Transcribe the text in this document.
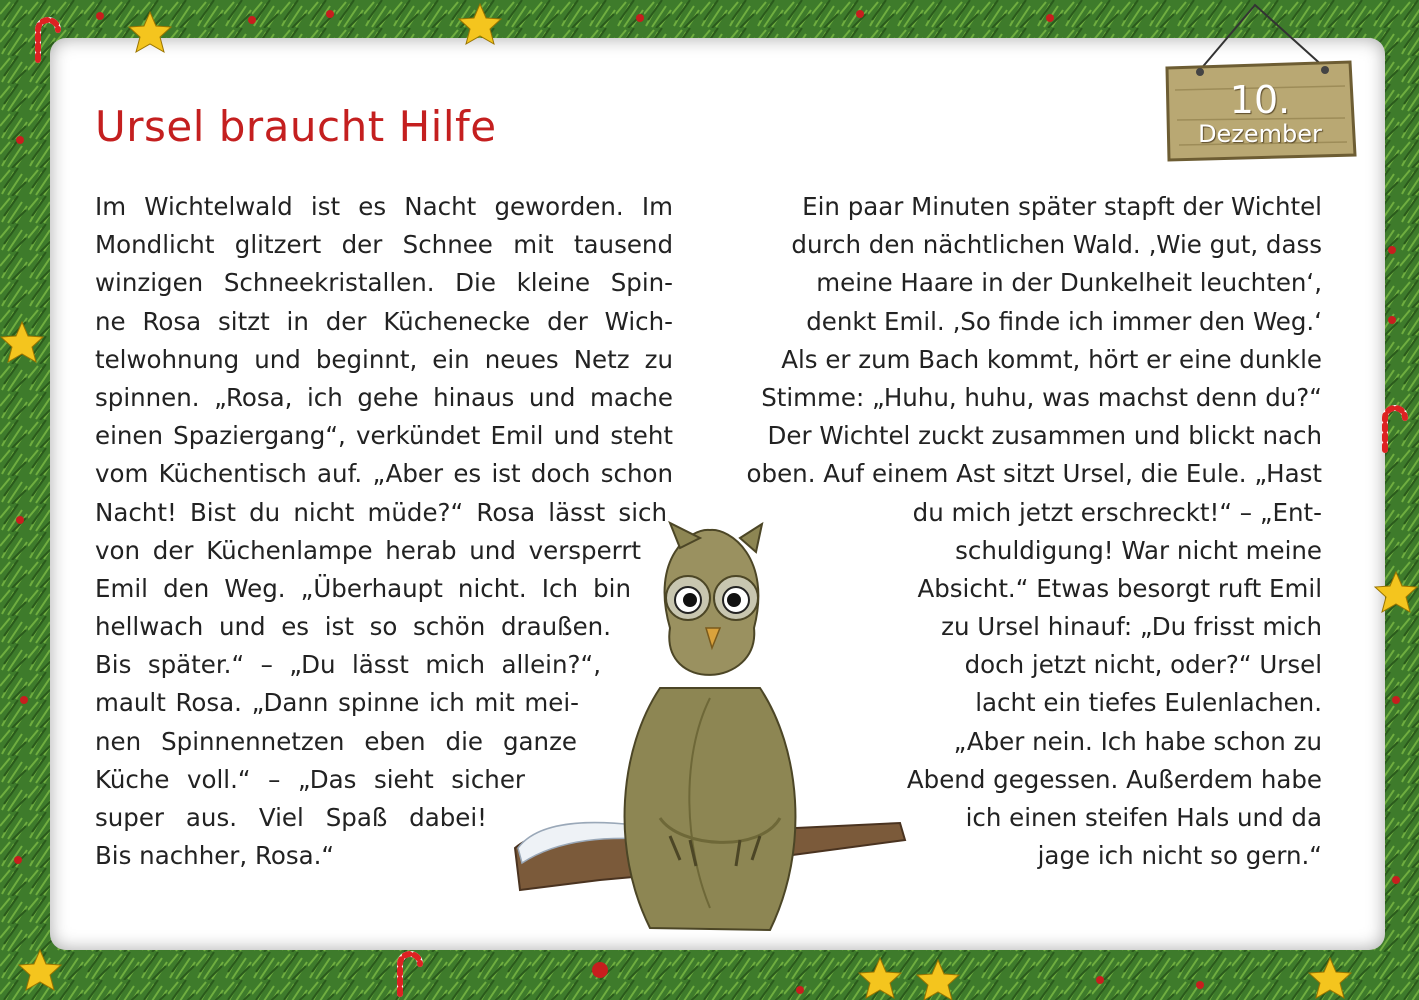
10.
Dezember
Ursel braucht Hilfe
Im Wichtelwald ist es Nacht geworden. Im
Mondlicht glitzert der Schnee mit tausend
winzigen Schneekristallen. Die kleine Spin-
ne Rosa sitzt in der Küchenecke der Wich-
telwohnung und beginnt, ein neues Netz zu
spinnen. „Rosa, ich gehe hinaus und mache
einen Spaziergang“, verkündet Emil und steht
vom Küchentisch auf. „Aber es ist doch schon
Nacht! Bist du nicht müde?“ Rosa lässt sich
von der Küchenlampe herab und versperrt
Emil den Weg. „Überhaupt nicht. Ich bin
hellwach und es ist so schön draußen.
Bis später.“ – „Du lässt mich allein?“,
mault Rosa. „Dann spinne ich mit mei-
nen Spinnennetzen eben die ganze
Küche voll.“ – „Das sieht sicher
super aus. Viel Spaß dabei!
Bis nachher, Rosa.“
Ein paar Minuten später stapft der Wichtel
durch den nächtlichen Wald. ‚Wie gut, dass
meine Haare in der Dunkelheit leuchten‘,
denkt Emil. ‚So finde ich immer den Weg.‘
Als er zum Bach kommt, hört er eine dunkle
Stimme: „Huhu, huhu, was machst denn du?“
Der Wichtel zuckt zusammen und blickt nach
oben. Auf einem Ast sitzt Ursel, die Eule. „Hast
du mich jetzt erschreckt!“ – „Ent-
schuldigung! War nicht meine
Absicht.“ Etwas besorgt ruft Emil
zu Ursel hinauf: „Du frisst mich
doch jetzt nicht, oder?“ Ursel
lacht ein tiefes Eulenlachen.
„Aber nein. Ich habe schon zu
Abend gegessen. Außerdem habe
ich einen steifen Hals und da
jage ich nicht so gern.“
